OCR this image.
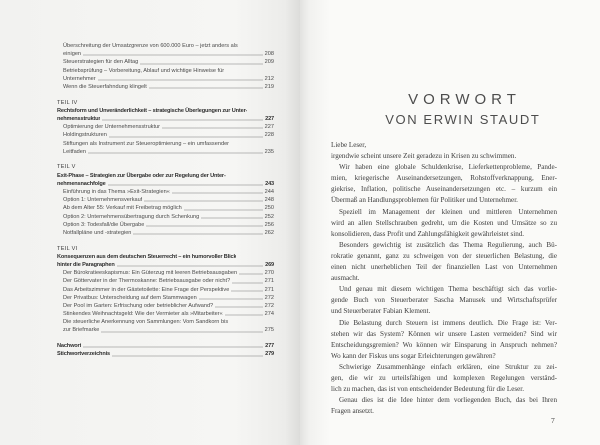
Überschreitung der Umsatzgrenze von 600.000 Euro – jetzt anders als
einigen	208
Steuerstrategien für den Alltag	209
Betriebsprüfung – Vorbereitung, Ablauf und wichtige Hinweise für
Unternehmer	212
Wenn die Steuerfahndung klingelt	219
TEIL IV
Rechtsform und Unveränderlichkeit – strategische Überlegungen zur Unter-
nehmensstruktur	227
Optimierung der Unternehmensstruktur	227
Holdingstrukturen	228
Stiftungen als Instrument zur Steueroptimierung – ein umfassender
Leitfaden	235
TEIL V
Exit-Phase – Strategien zur Übergabe oder zur Regelung der Unter-
nehmensnachfolge	243
Einführung in das Thema »Exit-Strategien«	244
Option 1: Unternehmensverkauf	248
Ab dem Alter 55: Verkauf mit Freibetrag möglich	250
Option 2: Unternehmensübertragung durch Schenkung	252
Option 3: Todesfall/die Übergabe	256
Notfallpläne und -strategien	262
TEIL VI
Konsequenzen aus dem deutschen Steuerrecht – ein humorvoller Blick
hinter die Paragraphen	269
Der Bürokratieeskapismus: Ein Güterzug mit leeren Betriebsausgaben	270
Der Göttervater in der Thermoskanne: Betriebsausgabe oder nicht?	271
Das Arbeitszimmer in der Gästetoilette: Eine Frage der Perspektive	271
Der Privatbus: Unterscheidung auf dem Stammwagen	272
Der Pool im Garten: Erfrischung oder betrieblicher Aufwand?	272
Stinkendes Weihnachtsgeld: Wie der Vermieter als »Mitarbeiter«	274
Die steuerliche Anerkennung von Sammlungen: Vom Sandkorn bis
zur Briefmarke	275
Nachwort	277
Stichwortverzeichnis	279
VORWORT
VON ERWIN STAUDT
Liebe Leser,
irgendwie scheint unsere Zeit geradezu in Krisen zu schwimmen.
Wir haben eine globale Schuldenkrise, Lieferkettenprobleme, Pande-
mien, kriegerische Auseinandersetzungen, Rohstoffverknappung, Ener-
giekrise, Inflation, politische Auseinandersetzungen etc. – kurzum ein
Übermaß an Handlungsproblemen für Politiker und Unternehmer.
Speziell im Management der kleinen und mittleren Unternehmen
wird an allen Stellschrauben gedreht, um die Kosten und Umsätze so zu
konsolidieren, dass Profit und Zahlungsfähigkeit gewährleistet sind.
Besonders gewichtig ist zusätzlich das Thema Regulierung, auch Bü-
rokratie genannt, ganz zu schweigen von der steuerlichen Belastung, die
einen nicht unerheblichen Teil der finanziellen Last von Unternehmen
ausmacht.
Und genau mit diesem wichtigen Thema beschäftigt sich das vorlie-
gende Buch von Steuerberater Sascha Manusek und Wirtschaftsprüfer
und Steuerberater Fabian Klement.
Die Belastung durch Steuern ist immens deutlich. Die Frage ist: Ver-
stehen wir das System? Können wir unsere Lasten vermeiden? Sind wir
Entscheidungsgremien? Wo können wir Einsparung in Anspruch nehmen?
Wo kann der Fiskus uns sogar Erleichterungen gewähren?
Schwierige Zusammenhänge einfach erklären, eine Struktur zu zei-
gen, die wir zu urteilsfähigen und komplexen Regelungen verständ-
lich zu machen, das ist von entscheidender Bedeutung für die Leser.
Genau dies ist die Idee hinter dem vorliegenden Buch, das bei Ihren
Fragen ansetzt.
7
